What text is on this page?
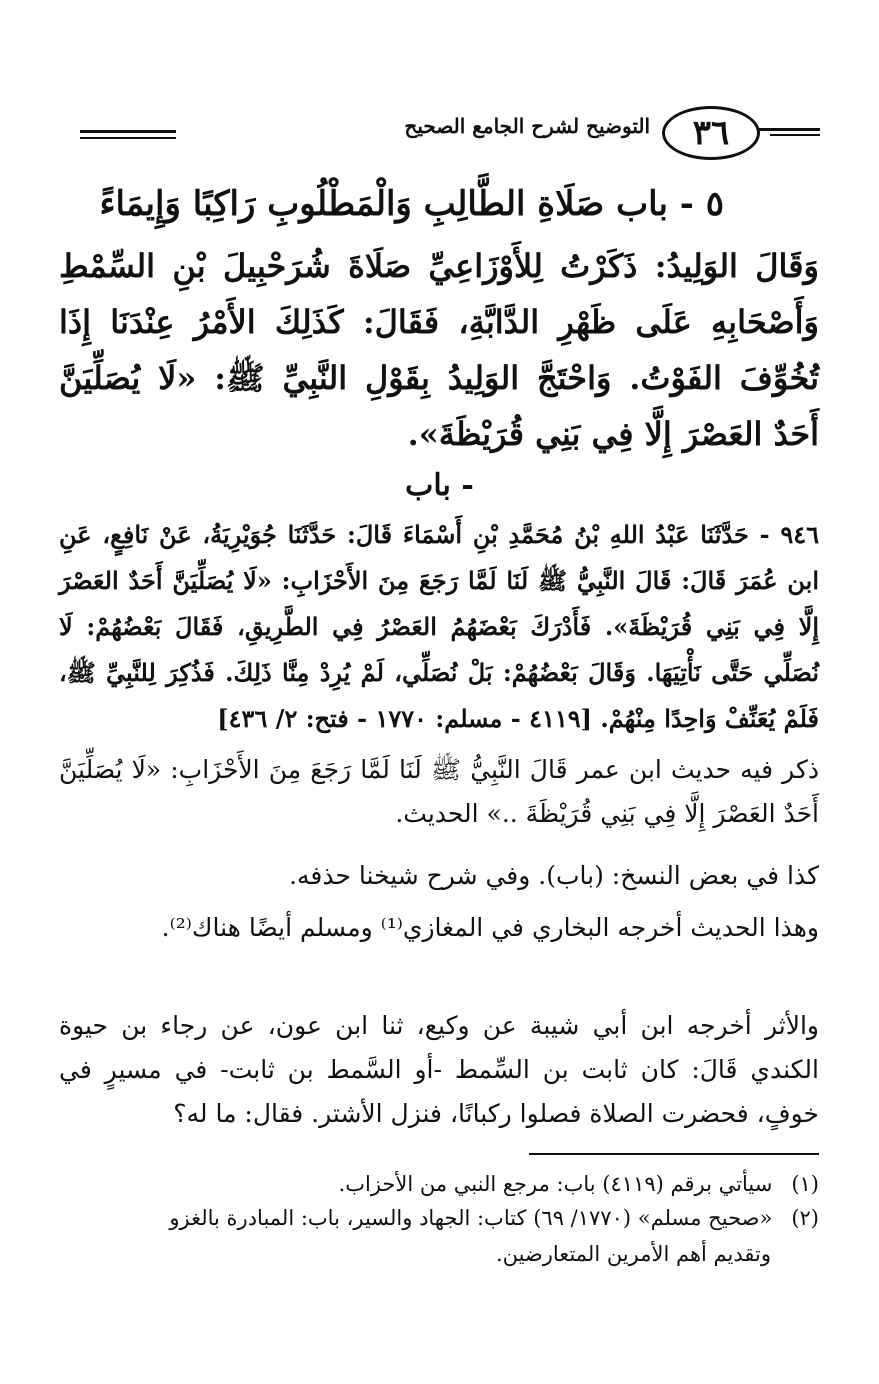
٣٦
التوضيح لشرح الجامع الصحيح
٥ - باب صَلَاةِ الطَّالِبِ وَالْمَطْلُوبِ رَاكِبًا وَإِيمَاءً
وَقَالَ الوَلِيدُ: ذَكَرْتُ لِلأَوْزَاعِيِّ صَلَاةَ شُرَحْبِيلَ بْنِ السِّمْطِ وَأَصْحَابِهِ عَلَى ظَهْرِ الدَّابَّةِ، فَقَالَ: كَذَلِكَ الأَمْرُ عِنْدَنَا إِذَا تُخُوِّفَ الفَوْتُ. وَاحْتَجَّ الوَلِيدُ بِقَوْلِ النَّبِيِّ ﷺ: «لَا يُصَلِّيَنَّ أَحَدٌ العَصْرَ إِلَّا فِي بَنِي قُرَيْظَةَ».
- باب
٩٤٦ - حَدَّثَنَا عَبْدُ اللهِ بْنُ مُحَمَّدِ بْنِ أَسْمَاءَ قَالَ: حَدَّثَنَا جُوَيْرِيَةُ، عَنْ نَافِعٍ، عَنِ ابن عُمَرَ قَالَ: قَالَ النَّبِيُّ ﷺ لَنَا لَمَّا رَجَعَ مِنَ الأَحْزَابِ: «لَا يُصَلِّيَنَّ أَحَدٌ العَصْرَ إِلَّا فِي بَنِي قُرَيْظَةَ». فَأَدْرَكَ بَعْضَهُمُ العَصْرُ فِي الطَّرِيقِ، فَقَالَ بَعْضُهُمْ: لَا نُصَلِّي حَتَّى نَأْتِيَهَا. وَقَالَ بَعْضُهُمْ: بَلْ نُصَلِّي، لَمْ يُرِدْ مِنَّا ذَلِكَ. فَذُكِرَ لِلنَّبِيِّ ﷺ، فَلَمْ يُعَنِّفْ وَاحِدًا مِنْهُمْ. [٤١١٩ - مسلم: ١٧٧٠ - فتح: ٢/ ٤٣٦]
ذكر فيه حديث ابن عمر قَالَ النَّبِيُّ ﷺ لَنَا لَمَّا رَجَعَ مِنَ الأَحْزَابِ: «لَا يُصَلِّيَنَّ أَحَدٌ العَصْرَ إِلَّا فِي بَنِي قُرَيْظَةَ ..» الحديث.
كذا في بعض النسخ: (باب). وفي شرح شيخنا حذفه.
وهذا الحديث أخرجه البخاري في المغازي⁽¹⁾ ومسلم أيضًا هناك⁽²⁾.
والأثر أخرجه ابن أبي شيبة عن وكيع، ثنا ابن عون، عن رجاء بن حيوة الكندي قَالَ: كان ثابت بن السِّمط -أو السَّمط بن ثابت- في مسيرٍ في خوفٍ، فحضرت الصلاة فصلوا ركبانًا، فنزل الأشتر. فقال: ما له؟
(١) سيأتي برقم (٤١١٩) باب: مرجع النبي من الأحزاب.
(٢) «صحيح مسلم» (١٧٧٠/ ٦٩) كتاب: الجهاد والسير، باب: المبادرة بالغزو
وتقديم أهم الأمرين المتعارضين.
